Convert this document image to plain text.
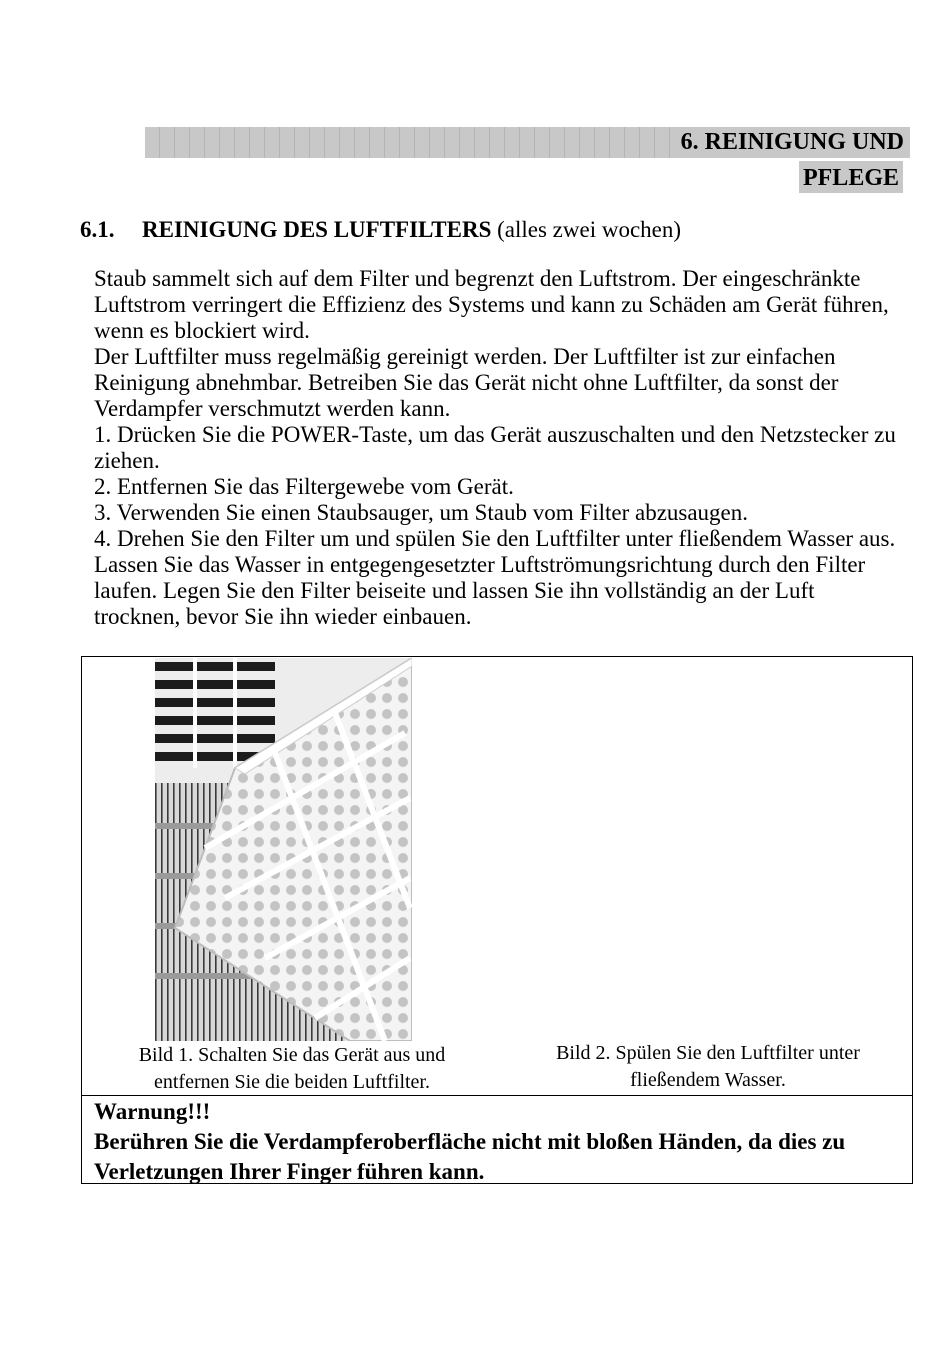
6. REINIGUNG UND
PFLEGE
6.1. REINIGUNG DES LUFTFILTERS (alles zwei wochen)

Staub sammelt sich auf dem Filter und begrenzt den Luftstrom. Der eingeschränkte Luftstrom verringert die Effizienz des Systems und kann zu Schäden am Gerät führen, wenn es blockiert wird.

Der Luftfilter muss regelmäßig gereinigt werden. Der Luftfilter ist zur einfachen Reinigung abnehmbar. Betreiben Sie das Gerät nicht ohne Luftfilter, da sonst der Verdampfer verschmutzt werden kann.

1. Drücken Sie die POWER-Taste, um das Gerät auszuschalten und den Netzstecker zu ziehen.

2. Entfernen Sie das Filtergewebe vom Gerät.

3. Verwenden Sie einen Staubsauger, um Staub vom Filter abzusaugen.

4. Drehen Sie den Filter um und spülen Sie den Luftfilter unter fließendem Wasser aus. Lassen Sie das Wasser in entgegengesetzter Luftströmungsrichtung durch den Filter laufen. Legen Sie den Filter beiseite und lassen Sie ihn vollständig an der Luft trocknen, bevor Sie ihn wieder einbauen.

Bild 1. Schalten Sie das Gerät aus und entfernen Sie die beiden Luftfilter.
Bild 2. Spülen Sie den Luftfilter unter fließendem Wasser.

Warnung!!!

Berühren Sie die Verdampferoberfläche nicht mit bloßen Händen, da dies zu Verletzungen Ihrer Finger führen kann.
